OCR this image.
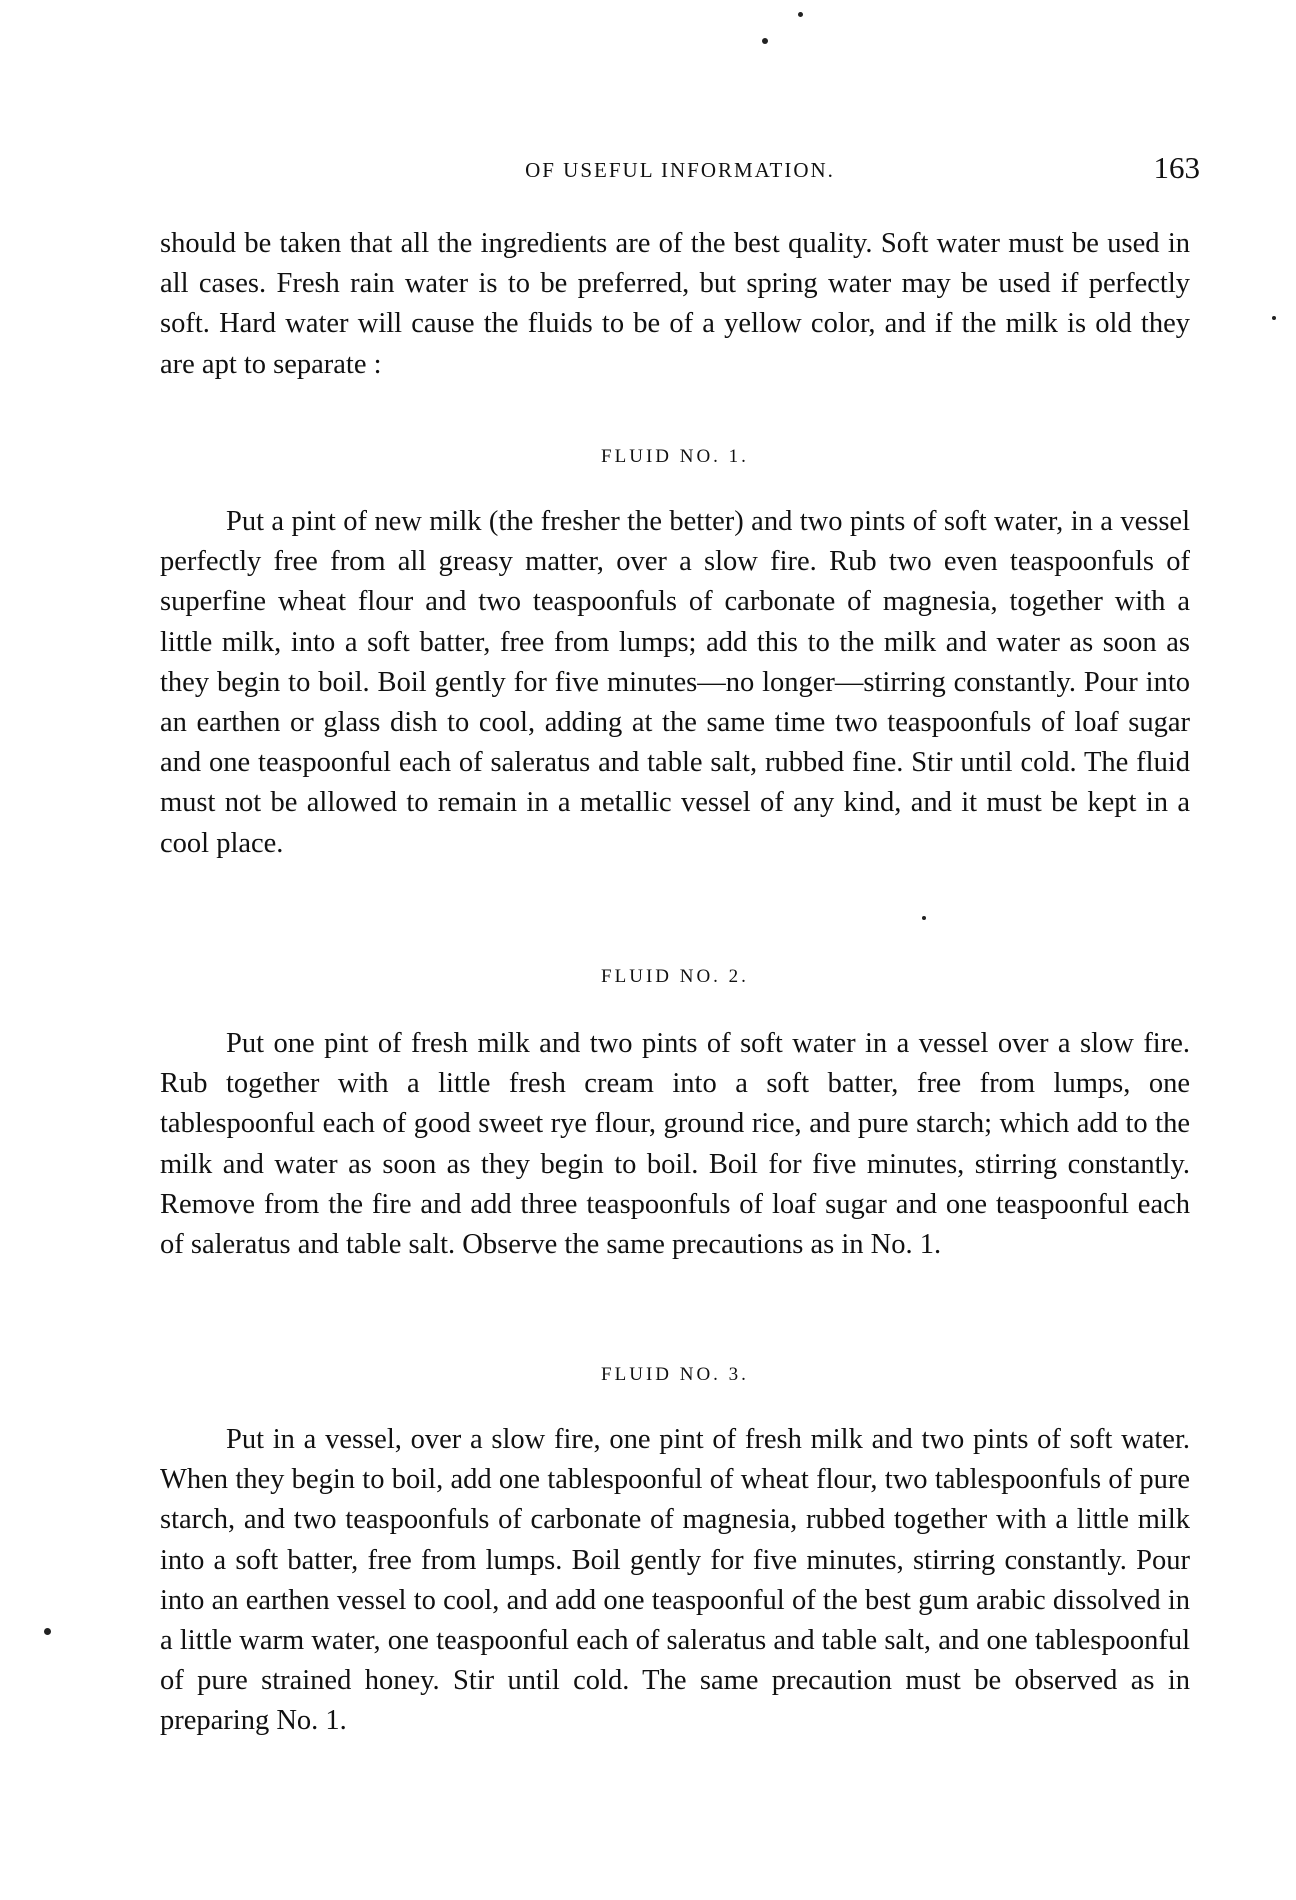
OF USEFUL INFORMATION.	163

should be taken that all the ingredients are of the best quality. Soft water must be used in all cases. Fresh rain water is to be preferred, but spring water may be used if perfectly soft. Hard water will cause the fluids to be of a yellow color, and if the milk is old they are apt to separate :

FLUID NO. 1.

Put a pint of new milk (the fresher the better) and two pints of soft water, in a vessel perfectly free from all greasy matter, over a slow fire. Rub two even teaspoonfuls of superfine wheat flour and two teaspoonfuls of carbonate of magnesia, together with a little milk, into a soft batter, free from lumps; add this to the milk and water as soon as they begin to boil. Boil gently for five minutes—no longer—stirring constantly. Pour into an earthen or glass dish to cool, adding at the same time two teaspoonfuls of loaf sugar and one teaspoonful each of saleratus and table salt, rubbed fine. Stir until cold. The fluid must not be allowed to remain in a metallic vessel of any kind, and it must be kept in a cool place.

FLUID NO. 2.

Put one pint of fresh milk and two pints of soft water in a vessel over a slow fire. Rub together with a little fresh cream into a soft batter, free from lumps, one tablespoonful each of good sweet rye flour, ground rice, and pure starch; which add to the milk and water as soon as they begin to boil. Boil for five minutes, stirring constantly. Remove from the fire and add three teaspoonfuls of loaf sugar and one teaspoonful each of saleratus and table salt. Observe the same precautions as in No. 1.

FLUID NO. 3.

Put in a vessel, over a slow fire, one pint of fresh milk and two pints of soft water. When they begin to boil, add one tablespoonful of wheat flour, two tablespoonfuls of pure starch, and two teaspoonfuls of carbonate of magnesia, rubbed together with a little milk into a soft batter, free from lumps. Boil gently for five minutes, stirring constantly. Pour into an earthen vessel to cool, and add one teaspoonful of the best gum arabic dissolved in a little warm water, one teaspoonful each of saleratus and table salt, and one tablespoonful of pure strained honey. Stir until cold. The same precaution must be observed as in preparing No. 1.
